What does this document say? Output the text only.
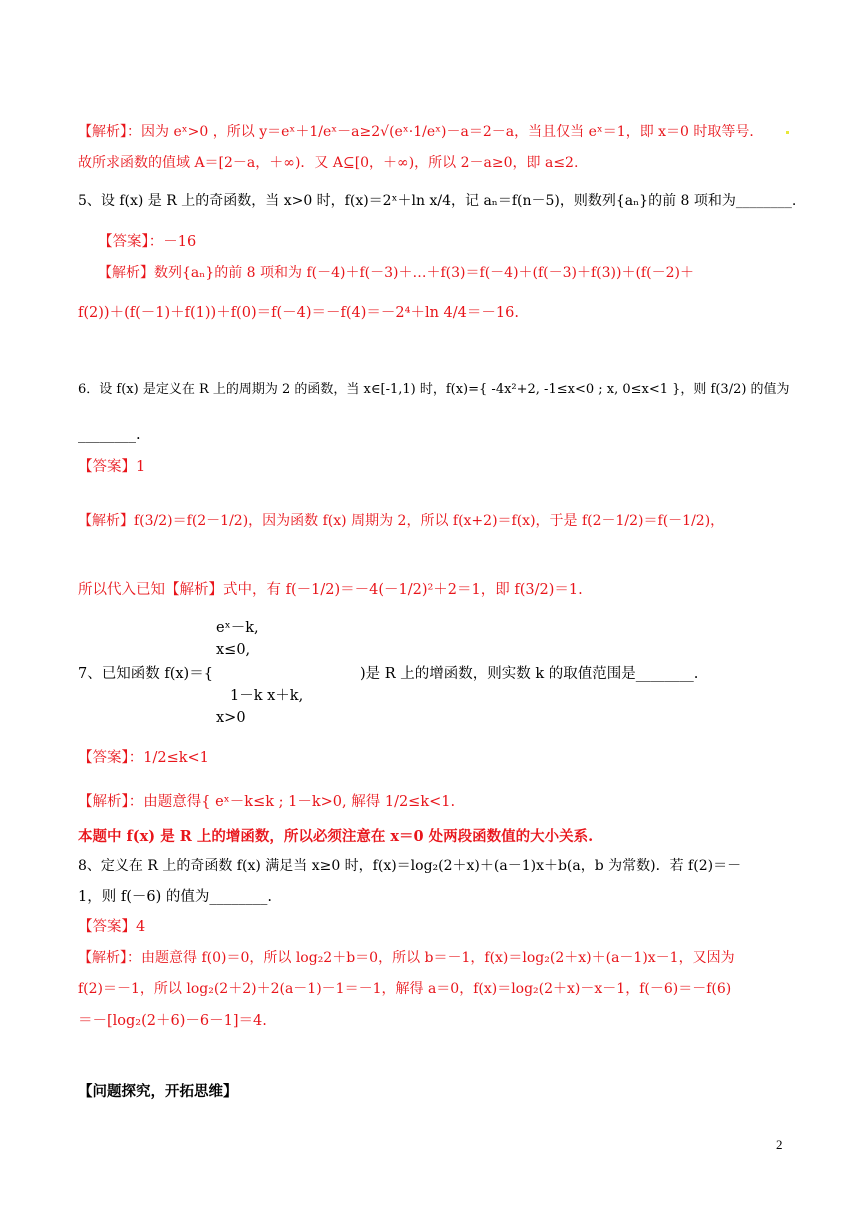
【解析】：因为 eˣ>0 ，所以 y＝eˣ＋1/eˣ－a≥2√(eˣ·1/eˣ)－a＝2－a，当且仅当 eˣ＝1，即 x＝0 时取等号．
故所求函数的值域 A＝[2－a，＋∞)．又 A⊆[0，＋∞)，所以 2－a≥0，即 a≤2.
5、设 f(x) 是 R 上的奇函数，当 x>0 时，f(x)＝2ˣ＋ln x/4，记 aₙ＝f(n－5)，则数列{aₙ}的前 8 项和为________.
【答案】：－16
【解析】数列{aₙ}的前 8 项和为 f(－4)＋f(－3)＋…＋f(3)＝f(－4)＋(f(－3)＋f(3))＋(f(－2)＋
f(2))＋(f(－1)＋f(1))＋f(0)＝f(－4)＝－f(4)＝－2⁴＋ln 4/4＝－16.
6．设 f(x) 是定义在 R 上的周期为 2 的函数，当 x∈[-1,1) 时，f(x)={ -4x²+2, -1≤x<0 ; x, 0≤x<1 }，则 f(3/2) 的值为
________.
【答案】1
【解析】f(3/2)＝f(2－1/2)，因为函数 f(x) 周期为 2，所以 f(x+2)＝f(x)，于是 f(2－1/2)＝f(－1/2)，
所以代入已知【解析】式中，有 f(－1/2)＝－4(－1/2)²＋2＝1，即 f(3/2)＝1.
eˣ－k,
x≤0,
7、已知函数 f(x)＝{	)是 R 上的增函数，则实数 k 的取值范围是________.
1－k x＋k,
x>0
【答案】：1/2≤k<1
【解析】：由题意得{ eˣ－k≤k ; 1－k>0, 解得 1/2≤k<1.
本题中 f(x) 是 R 上的增函数，所以必须注意在 x＝0 处两段函数值的大小关系.
8、定义在 R 上的奇函数 f(x) 满足当 x≥0 时，f(x)＝log₂(2＋x)＋(a－1)x＋b(a，b 为常数)．若 f(2)＝－
1，则 f(－6) 的值为________.
【答案】4
【解析】：由题意得 f(0)＝0，所以 log₂2＋b＝0，所以 b＝－1，f(x)＝log₂(2＋x)＋(a－1)x－1，又因为
f(2)＝－1，所以 log₂(2＋2)＋2(a－1)－1＝－1，解得 a＝0，f(x)＝log₂(2＋x)－x－1，f(－6)＝－f(6)
＝－[log₂(2＋6)－6－1]＝4.
【问题探究，开拓思维】
2
